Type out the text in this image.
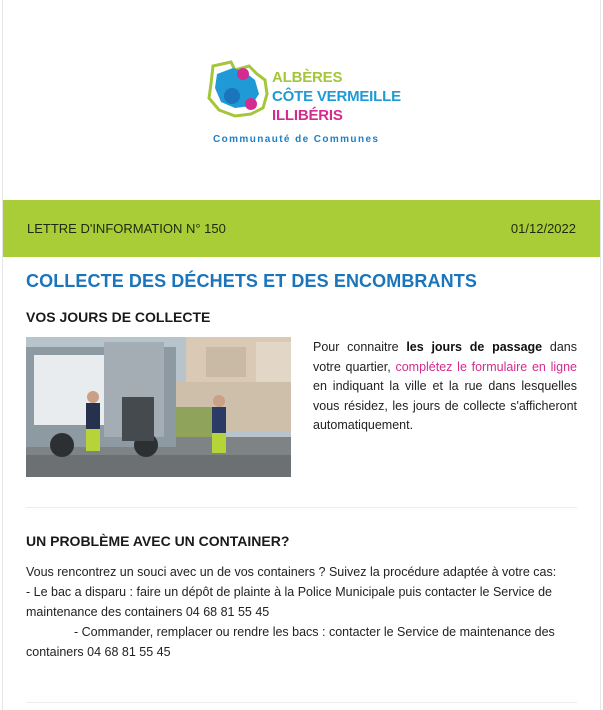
ALBÈRES
CÔTE VERMEILLE
ILLIBÉRIS
Communauté de Communes
LETTRE D'INFORMATION N° 150	01/12/2022
COLLECTE DES DÉCHETS ET DES ENCOMBRANTS
VOS JOURS DE COLLECTE
Pour connaitre les jours de passage dans votre quartier, complétez le formulaire en ligne en indiquant la ville et la rue dans lesquelles vous résidez, les jours de collecte s'afficheront automatiquement.
UN PROBLÈME AVEC UN CONTAINER?

Vous rencontrez un souci avec un de vos containers ? Suivez la procédure adaptée à votre cas:

- Le bac a disparu : faire un dépôt de plainte à la Police Municipale puis contacter le Service de maintenance des containers 04 68 81 55 45

- Commander, remplacer ou rendre les bacs : contacter le Service de maintenance des containers 04 68 81 55 45
